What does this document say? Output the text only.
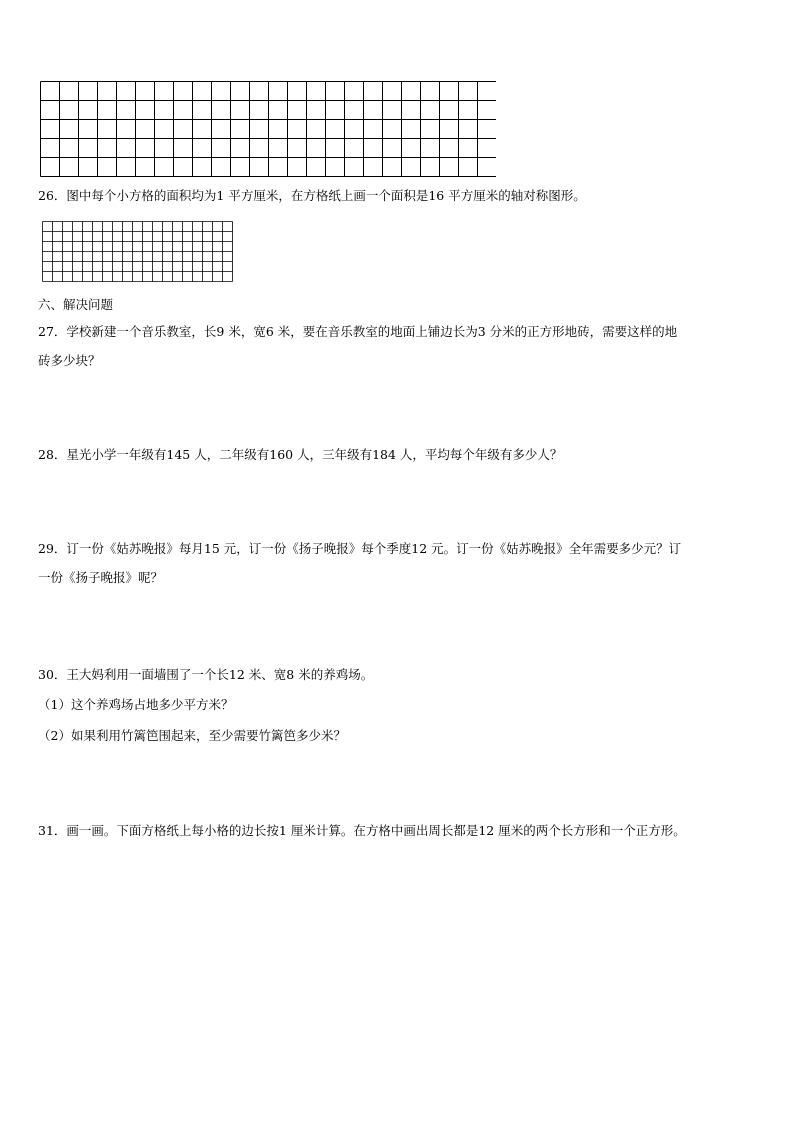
26．图中每个小方格的面积均为1 平方厘米，在方格纸上画一个面积是16 平方厘米的轴对称图形。
六、解决问题
27．学校新建一个音乐教室，长9 米，宽6 米，要在音乐教室的地面上铺边长为3 分米的正方形地砖，需要这样的地
砖多少块？
28．星光小学一年级有145 人，二年级有160 人，三年级有184 人，平均每个年级有多少人？
29．订一份《姑苏晚报》每月15 元，订一份《扬子晚报》每个季度12 元。订一份《姑苏晚报》全年需要多少元？订
一份《扬子晚报》呢？
30．王大妈利用一面墙围了一个长12 米、宽8 米的养鸡场。
（1）这个养鸡场占地多少平方米？
（2）如果利用竹篱笆围起来，至少需要竹篱笆多少米？
31．画一画。下面方格纸上每小格的边长按1 厘米计算。在方格中画出周长都是12 厘米的两个长方形和一个正方形。
